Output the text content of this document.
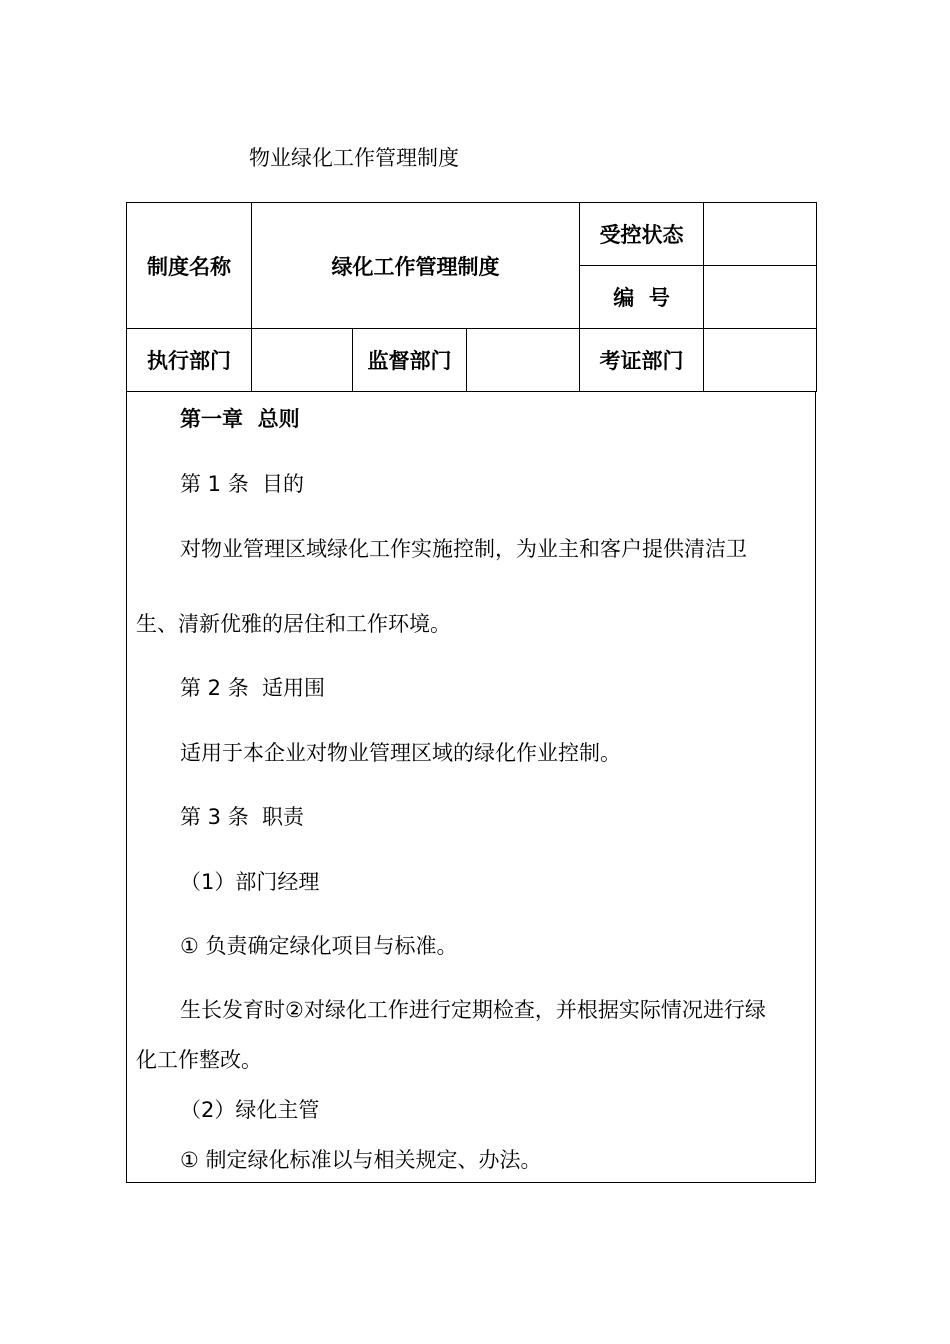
物业绿化工作管理制度
制度名称	绿化工作管理制度			受控状态	
				编  号	
执行部门		监督部门		考证部门	
第一章  总则
第 1 条  目的
对物业管理区域绿化工作实施控制，为业主和客户提供清洁卫
生、清新优雅的居住和工作环境。
第 2 条  适用围
适用于本企业对物业管理区域的绿化作业控制。
第 3 条  职责
（1）部门经理
① 负责确定绿化项目与标准。
生长发育时②对绿化工作进行定期检查，并根据实际情况进行绿
化工作整改。
（2）绿化主管
① 制定绿化标准以与相关规定、办法。
